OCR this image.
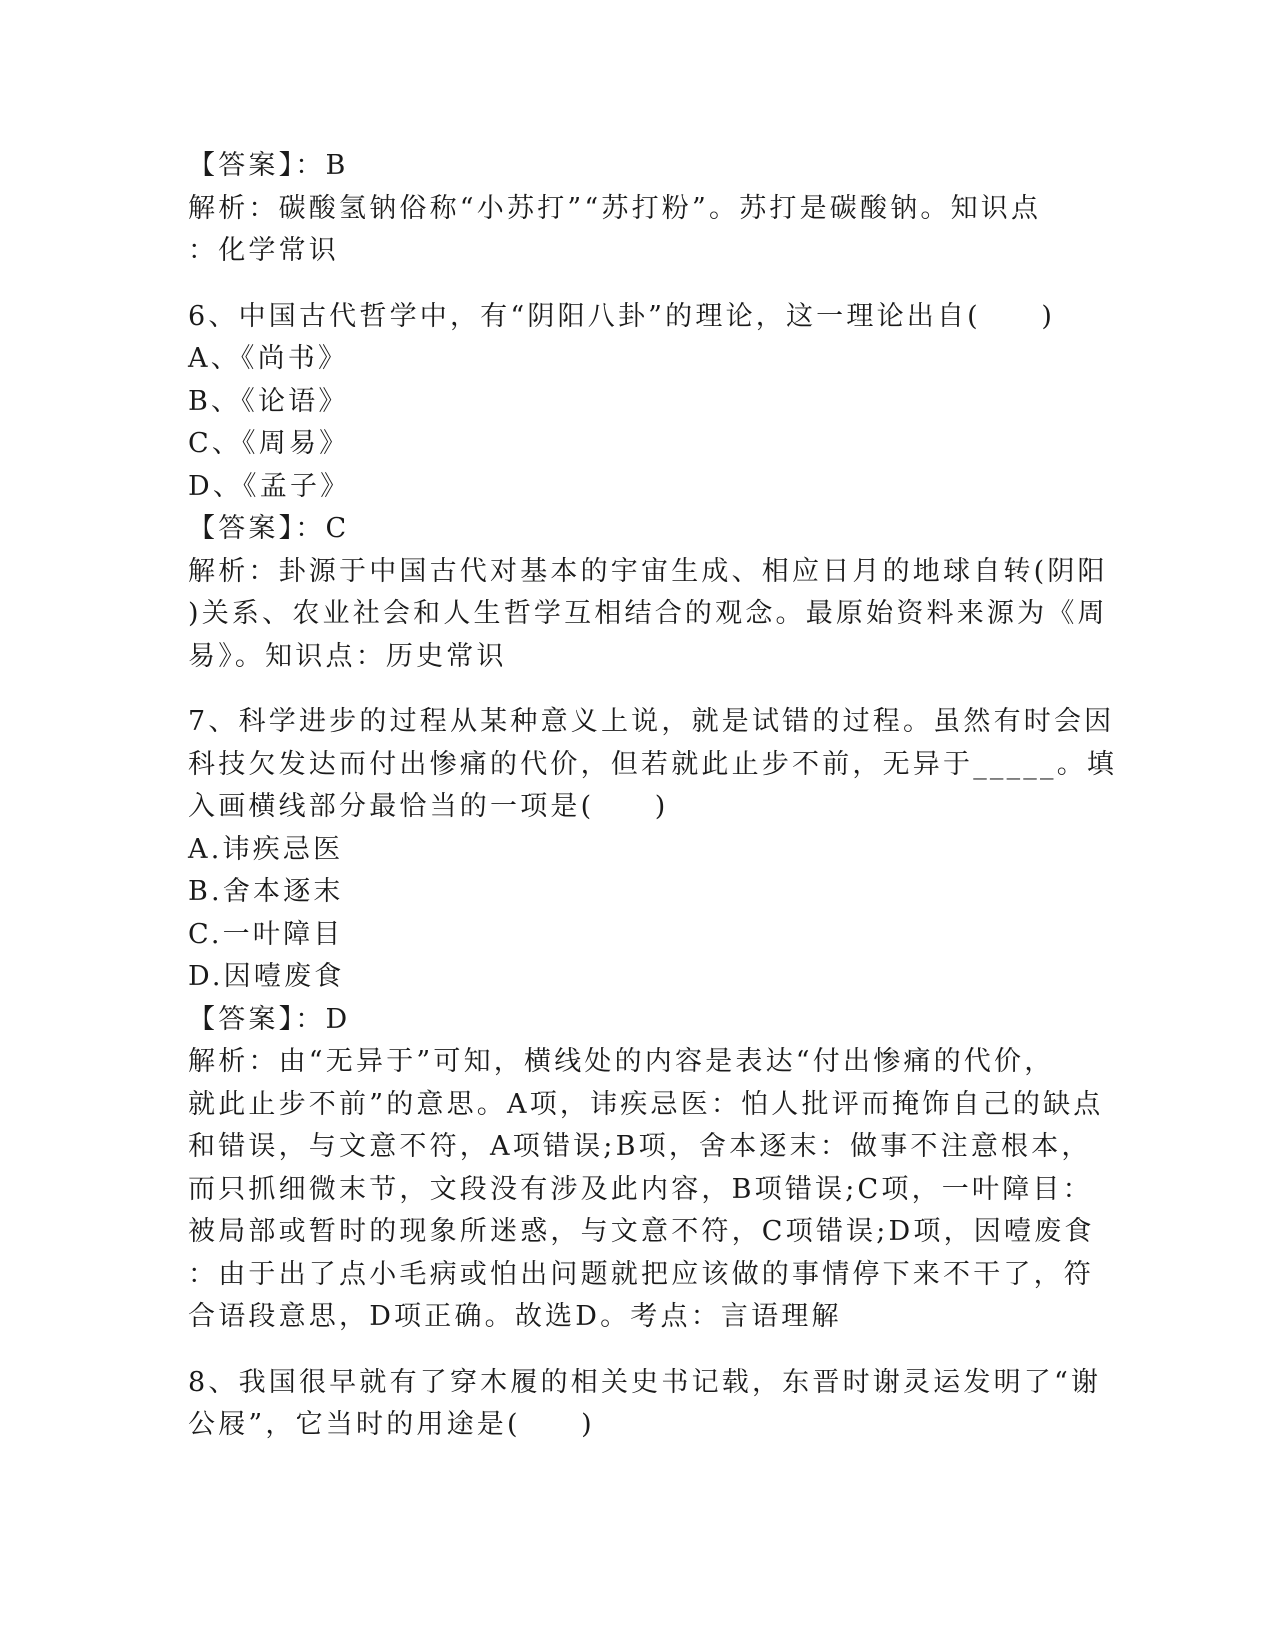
【答案】：B
解析：碳酸氢钠俗称“小苏打”“苏打粉”。苏打是碳酸钠。知识点
：化学常识
6、中国古代哲学中，有“阴阳八卦”的理论，这一理论出自(　　)
A、《尚书》
B、《论语》
C、《周易》
D、《孟子》
【答案】：C
解析：卦源于中国古代对基本的宇宙生成、相应日月的地球自转(阴阳
)关系、农业社会和人生哲学互相结合的观念。最原始资料来源为《周
易》。知识点：历史常识
7、科学进步的过程从某种意义上说，就是试错的过程。虽然有时会因
科技欠发达而付出惨痛的代价，但若就此止步不前，无异于_____。填
入画横线部分最恰当的一项是(　　)
A.讳疾忌医
B.舍本逐末
C.一叶障目
D.因噎废食
【答案】：D
解析：由“无异于”可知，横线处的内容是表达“付出惨痛的代价，
就此止步不前”的意思。A项，讳疾忌医：怕人批评而掩饰自己的缺点
和错误，与文意不符，A项错误;B项，舍本逐末：做事不注意根本，
而只抓细微末节，文段没有涉及此内容，B项错误;C项，一叶障目：
被局部或暂时的现象所迷惑，与文意不符，C项错误;D项，因噎废食
：由于出了点小毛病或怕出问题就把应该做的事情停下来不干了，符
合语段意思，D项正确。故选D。考点：言语理解
8、我国很早就有了穿木履的相关史书记载，东晋时谢灵运发明了“谢
公屐”，它当时的用途是(　　)
